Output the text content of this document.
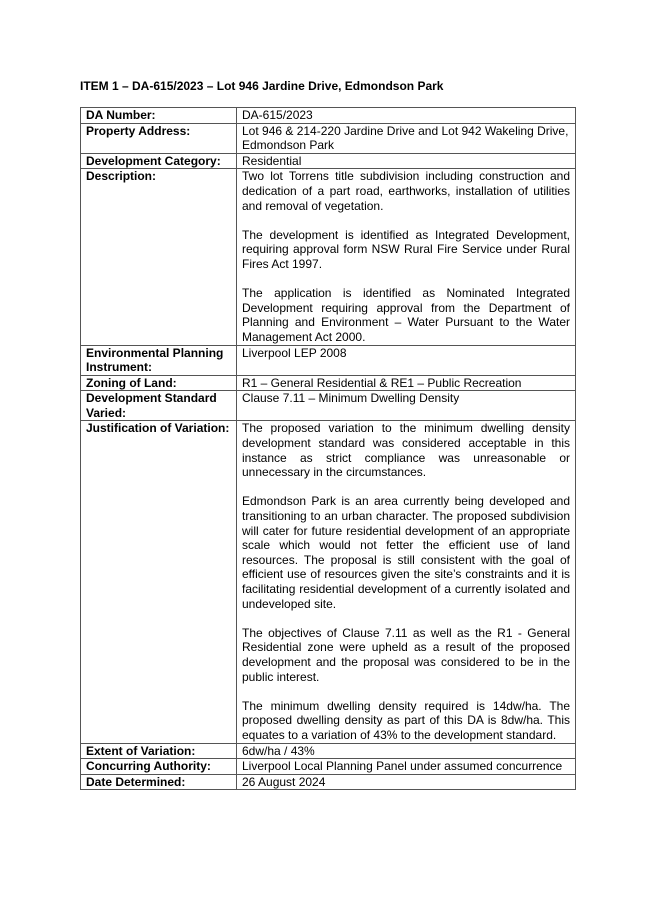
ITEM 1 – DA-615/2023 – Lot 946 Jardine Drive, Edmondson Park
DA Number:	DA-615/2023

Property Address:	Lot 946 & 214-220 Jardine Drive and Lot 942 Wakeling Drive, Edmondson Park

Development Category:	Residential

Description:	Two lot Torrens title subdivision including construction and dedication of a part road, earthworks, installation of utilities and removal of vegetation.

The development is identified as Integrated Development, requiring approval form NSW Rural Fire Service under Rural Fires Act 1997.

The application is identified as Nominated Integrated Development requiring approval from the Department of Planning and Environment – Water Pursuant to the Water Management Act 2000.

Environmental Planning Instrument:	Liverpool LEP 2008

Zoning of Land:	R1 – General Residential & RE1 – Public Recreation

Development Standard Varied:	Clause 7.11 – Minimum Dwelling Density

Justification of Variation:	The proposed variation to the minimum dwelling density development standard was considered acceptable in this instance as strict compliance was unreasonable or unnecessary in the circumstances.

Edmondson Park is an area currently being developed and transitioning to an urban character. The proposed subdivision will cater for future residential development of an appropriate scale which would not fetter the efficient use of land resources. The proposal is still consistent with the goal of efficient use of resources given the site’s constraints and it is facilitating residential development of a currently isolated and undeveloped site.

The objectives of Clause 7.11 as well as the R1 - General Residential zone were upheld as a result of the proposed development and the proposal was considered to be in the public interest.

The minimum dwelling density required is 14dw/ha. The proposed dwelling density as part of this DA is 8dw/ha. This equates to a variation of 43% to the development standard.

Extent of Variation:	6dw/ha / 43%

Concurring Authority:	Liverpool Local Planning Panel under assumed concurrence

Date Determined:	26 August 2024
